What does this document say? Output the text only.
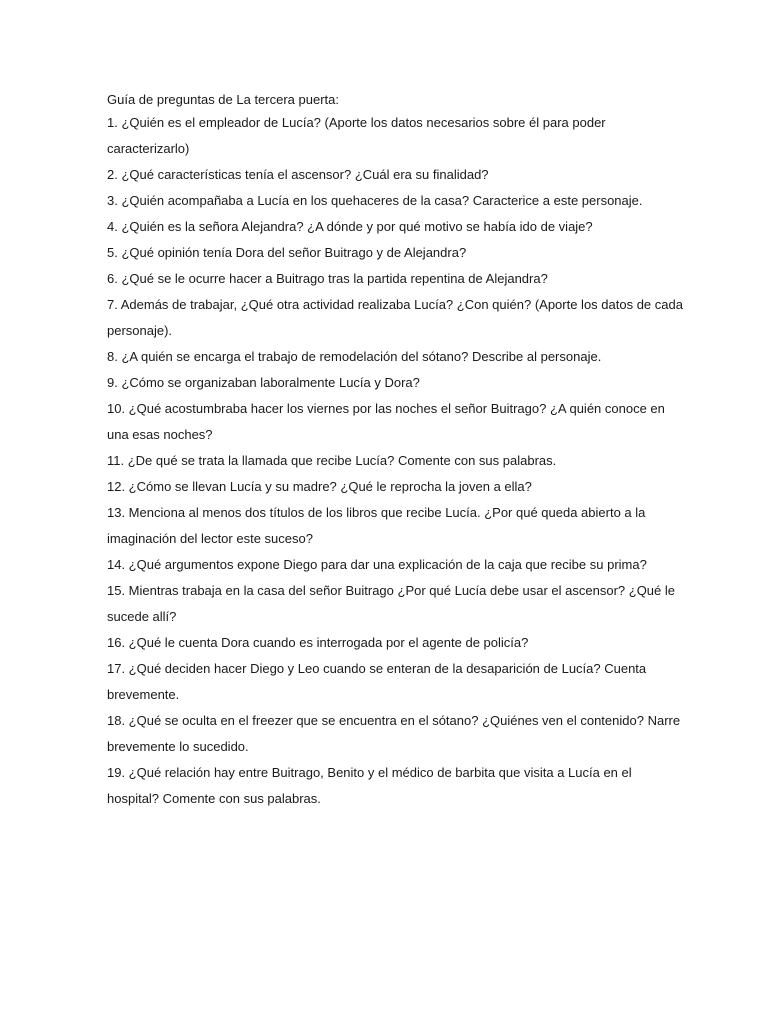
Guía de preguntas de La tercera puerta:

1. ¿Quién es el empleador de Lucía? (Aporte los datos necesarios sobre él para poder caracterizarlo)
2. ¿Qué características tenía el ascensor? ¿Cuál era su finalidad?
3. ¿Quién acompañaba a Lucía en los quehaceres de la casa? Caracterice a este personaje.
4. ¿Quién es la señora Alejandra? ¿A dónde y por qué motivo se había ido de viaje?
5. ¿Qué opinión tenía Dora del señor Buitrago y de Alejandra?
6. ¿Qué se le ocurre hacer a Buitrago tras la partida repentina de Alejandra?
7. Además de trabajar, ¿Qué otra actividad realizaba Lucía? ¿Con quién? (Aporte los datos de cada personaje).
8. ¿A quién se encarga el trabajo de remodelación del sótano? Describe al personaje.
9. ¿Cómo se organizaban laboralmente Lucía y Dora?
10. ¿Qué acostumbraba hacer los viernes por las noches el señor Buitrago? ¿A quién conoce en una esas noches?
11. ¿De qué se trata la llamada que recibe Lucía? Comente con sus palabras.
12. ¿Cómo se llevan Lucía y su madre? ¿Qué le reprocha la joven a ella?
13. Menciona al menos dos títulos de los libros que recibe Lucía. ¿Por qué queda abierto a la imaginación del lector este suceso?
14. ¿Qué argumentos expone Diego para dar una explicación de la caja que recibe su prima?
15. Mientras trabaja en la casa del señor Buitrago ¿Por qué Lucía debe usar el ascensor? ¿Qué le sucede allí?
16. ¿Qué le cuenta Dora cuando es interrogada por el agente de policía?
17. ¿Qué deciden hacer Diego y Leo cuando se enteran de la desaparición de Lucía? Cuenta brevemente.
18. ¿Qué se oculta en el freezer que se encuentra en el sótano? ¿Quiénes ven el contenido? Narre brevemente lo sucedido.
19. ¿Qué relación hay entre Buitrago, Benito y el médico de barbita que visita a Lucía en el hospital? Comente con sus palabras.
